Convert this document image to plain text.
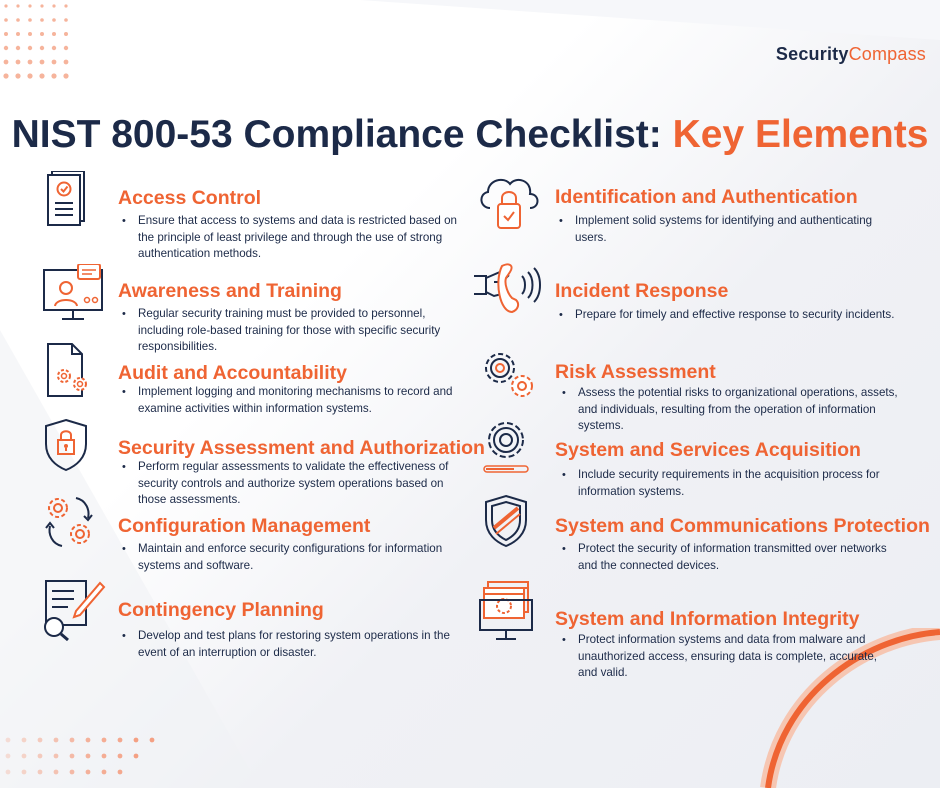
SecurityCompass
NIST 800-53 Compliance Checklist: Key Elements
Access Control

• Ensure that access to systems and data is restricted based on the principle of least privilege and through the use of strong authentication methods.

Awareness and Training

• Regular security training must be provided to personnel, including role-based training for those with specific security responsibilities.

Audit and Accountability

• Implement logging and monitoring mechanisms to record and examine activities within information systems.

Security Assessment and Authorization

• Perform regular assessments to validate the effectiveness of security controls and authorize system operations based on those assessments.

Configuration Management

• Maintain and enforce security configurations for information systems and software.

Contingency Planning

• Develop and test plans for restoring system operations in the event of an interruption or disaster.

Identification and Authentication

• Implement solid systems for identifying and authenticating users.

Incident Response

• Prepare for timely and effective response to security incidents.

Risk Assessment

• Assess the potential risks to organizational operations, assets, and individuals, resulting from the operation of information systems.

System and Services Acquisition

• Include security requirements in the acquisition process for information systems.

System and Communications Protection

• Protect the security of information transmitted over networks and the connected devices.

System and Information Integrity

• Protect information systems and data from malware and unauthorized access, ensuring data is complete, accurate, and valid.
